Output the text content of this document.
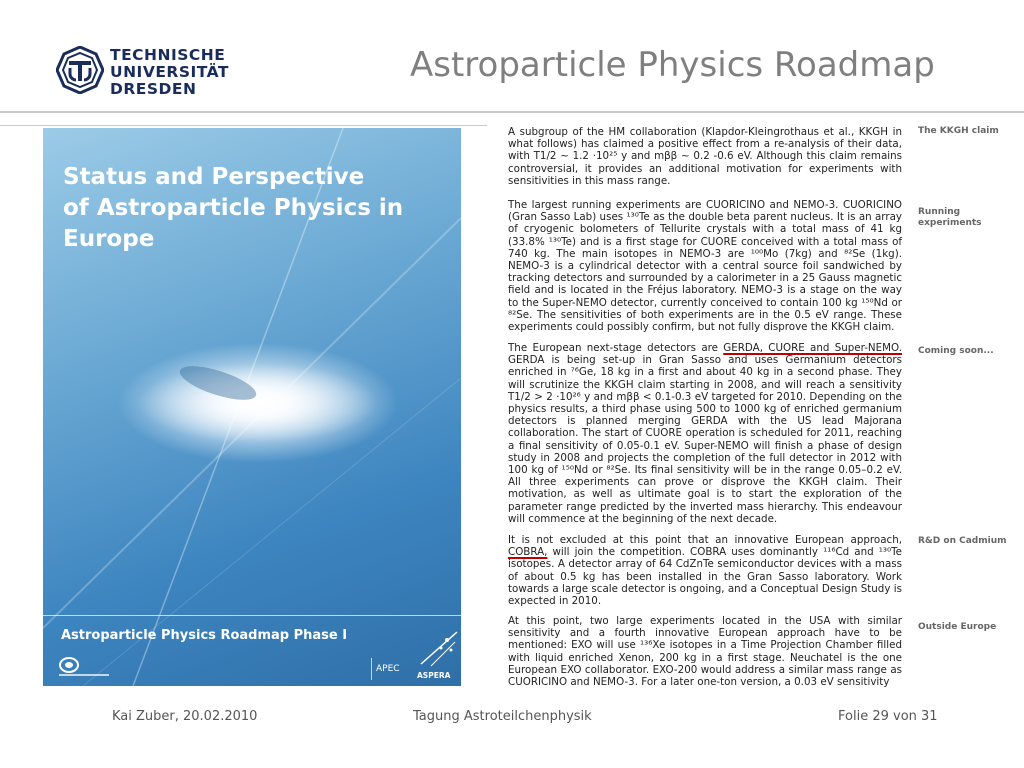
TECHNISCHE
UNIVERSITÄT
DRESDEN
Astroparticle Physics Roadmap
Status and Perspective
of Astroparticle Physics in Europe
Astroparticle Physics Roadmap Phase I
APEC
ASPERA

A subgroup of the HM collaboration (Klapdor-Kleingrothaus et al., KKGH in what follows) has claimed a positive effect from a re-analysis of their data, with T1/2 ~ 1.2 ·10²⁵ y and mββ ~ 0.2 -0.6 eV. Although this claim remains controversial, it provides an additional motivation for experiments with sensitivities in this mass range.

The largest running experiments are CUORICINO and NEMO-3. CUORICINO (Gran Sasso Lab) uses ¹³⁰Te as the double beta parent nucleus. It is an array of cryogenic bolometers of Tellurite crystals with a total mass of 41 kg (33.8% ¹³⁰Te) and is a first stage for CUORE conceived with a total mass of 740 kg. The main isotopes in NEMO-3 are ¹⁰⁰Mo (7kg) and ⁸²Se (1kg). NEMO-3 is a cylindrical detector with a central source foil sandwiched by tracking detectors and surrounded by a calorimeter in a 25 Gauss magnetic field and is located in the Fréjus laboratory. NEMO-3 is a stage on the way to the Super-NEMO detector, currently conceived to contain 100 kg ¹⁵⁰Nd or ⁸²Se. The sensitivities of both experiments are in the 0.5 eV range. These experiments could possibly confirm, but not fully disprove the KKGH claim.

The European next-stage detectors are GERDA, CUORE and Super-NEMO. GERDA is being set-up in Gran Sasso and uses Germanium detectors enriched in ⁷⁶Ge, 18 kg in a first and about 40 kg in a second phase. They will scrutinize the KKGH claim starting in 2008, and will reach a sensitivity T1/2 > 2 ·10²⁶ y and mββ < 0.1-0.3 eV targeted for 2010. Depending on the physics results, a third phase using 500 to 1000 kg of enriched germanium detectors is planned merging GERDA with the US lead Majorana collaboration. The start of CUORE operation is scheduled for 2011, reaching a final sensitivity of 0.05-0.1 eV. Super-NEMO will finish a phase of design study in 2008 and projects the completion of the full detector in 2012 with 100 kg of ¹⁵⁰Nd or ⁸²Se. Its final sensitivity will be in the range 0.05–0.2 eV. All three experiments can prove or disprove the KKGH claim. Their motivation, as well as ultimate goal is to start the exploration of the parameter range predicted by the inverted mass hierarchy. This endeavour will commence at the beginning of the next decade.

It is not excluded at this point that an innovative European approach, COBRA, will join the competition. COBRA uses dominantly ¹¹⁶Cd and ¹³⁰Te isotopes. A detector array of 64 CdZnTe semiconductor devices with a mass of about 0.5 kg has been installed in the Gran Sasso laboratory. Work towards a large scale detector is ongoing, and a Conceptual Design Study is expected in 2010.

At this point, two large experiments located in the USA with similar sensitivity and a fourth innovative European approach have to be mentioned: EXO will use ¹³⁶Xe isotopes in a Time Projection Chamber filled with liquid enriched Xenon, 200 kg in a first stage. Neuchatel is the one European EXO collaborator. EXO-200 would address a similar mass range as CUORICINO and NEMO-3. For a later one-ton version, a 0.03 eV sensitivity

The KKGH claim
Running
experiments
Coming soon...
R&D on Cadmium
Outside Europe
Kai Zuber, 20.02.2010	Tagung Astroteilchenphysik	Folie 29 von 31
